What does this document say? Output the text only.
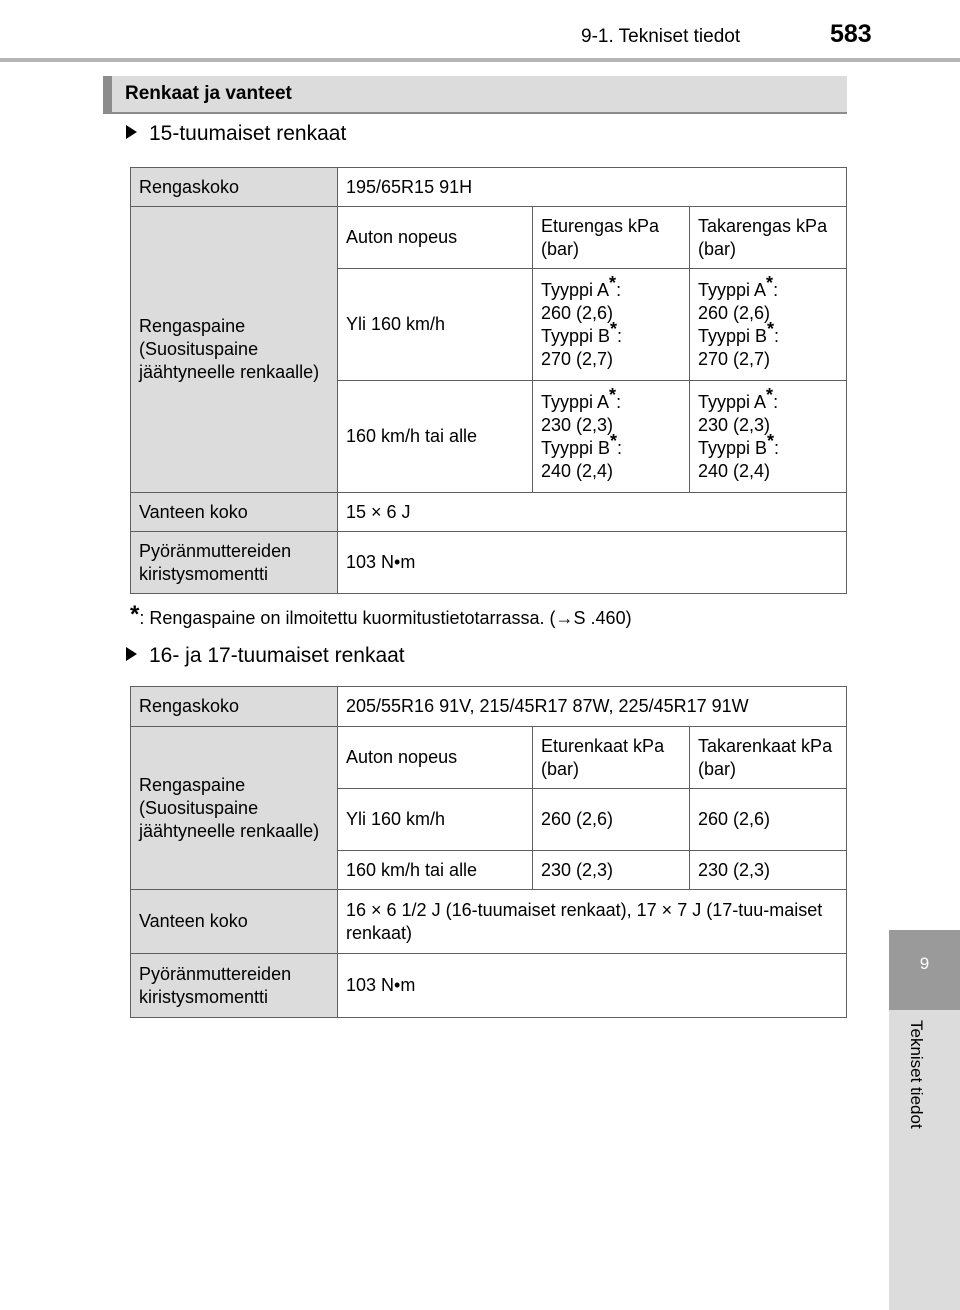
9-1. Tekniset tiedot	583
9
Tekniset tiedot
Renkaat ja vanteet
15-tuumaiset renkaat
Rengaskoko	195/65R15 91H		
Rengaspaine (Suosituspaine jäähtyneelle renkaalle)	Auton nopeus	Eturengas kPa (bar)	Takarengas kPa (bar)
	Yli 160 km/h	Tyyppi A*:
260 (2,6)
Tyyppi B*:
270 (2,7)	Tyyppi A*:
260 (2,6)
Tyyppi B*:
270 (2,7)
	160 km/h tai alle	Tyyppi A*:
230 (2,3)
Tyyppi B*:
240 (2,4)	Tyyppi A*:
230 (2,3)
Tyyppi B*:
240 (2,4)
Vanteen koko	15 × 6 J		
Pyöränmuttereiden kiristysmomentti	103 N•m		
*: Rengaspaine on ilmoitettu kuormitustietotarrassa. (→S .460)
16- ja 17-tuumaiset renkaat
Rengaskoko	205/55R16 91V, 215/45R17 87W, 225/45R17 91W		
Rengaspaine (Suosituspaine jäähtyneelle renkaalle)	Auton nopeus	Eturenkaat kPa (bar)	Takarenkaat kPa (bar)
	Yli 160 km/h	260 (2,6)	260 (2,6)
	160 km/h tai alle	230 (2,3)	230 (2,3)
Vanteen koko	16 × 6 1/2 J (16-tuumaiset renkaat), 17 × 7 J (17-tuu-maiset renkaat)		
Pyöränmuttereiden kiristysmomentti	103 N•m		
